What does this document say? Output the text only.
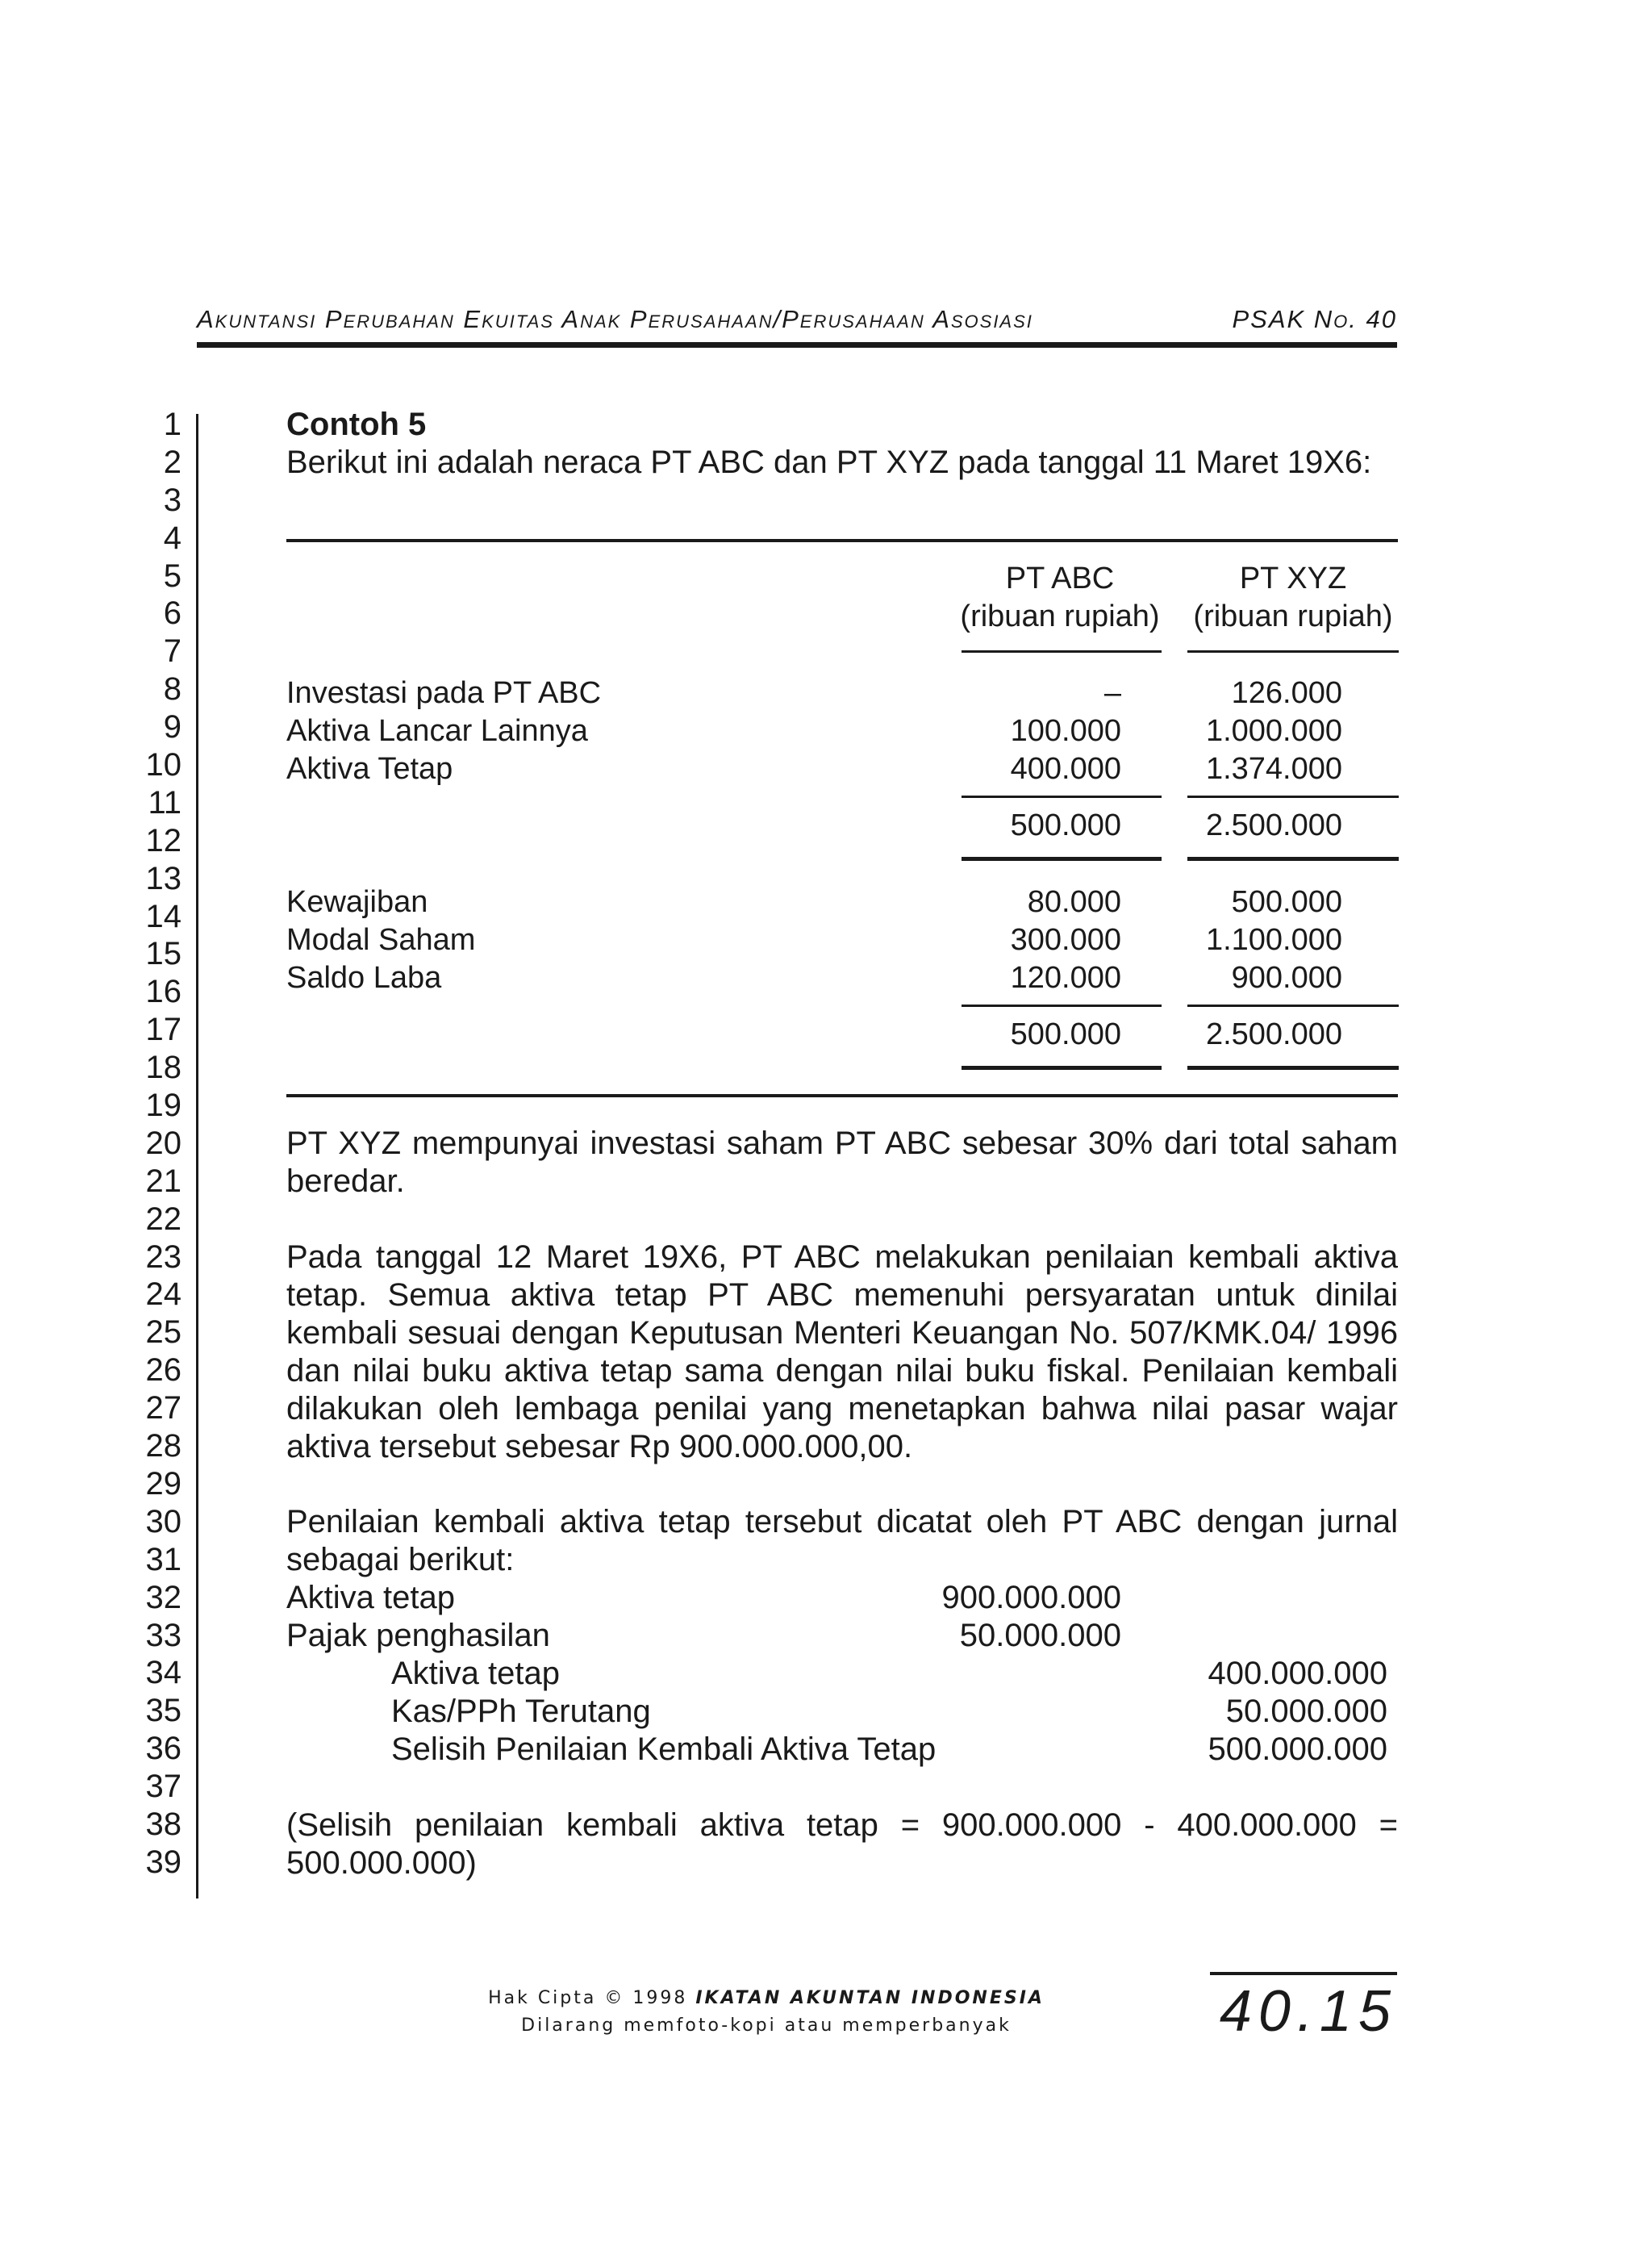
Akuntansi Perubahan Ekuitas Anak Perusahaan/Perusahaan Asosiasi	PSAK No. 40
1
2
3
4
5
6
7
8
9
10
11
12
13
14
15
16
17
18
19
20
21
22
23
24
25
26
27
28
29
30
31
32
33
34
35
36
37
38
39
Contoh 5

Berikut ini adalah neraca PT ABC dan PT XYZ pada tanggal 11 Maret 19X6:

PT ABC	PT XYZ
(ribuan rupiah) (ribuan rupiah)
Investasi pada PT ABC	–	126.000
Aktiva Lancar Lainnya	100.000	1.000.000
Aktiva Tetap	400.000	1.374.000
500.000	2.500.000
Kewajiban	80.000	500.000
Modal Saham	300.000	1.100.000
Saldo Laba	120.000	900.000
500.000	2.500.000

PT XYZ mempunyai investasi saham PT ABC sebesar 30% dari total saham beredar.

Pada tanggal 12 Maret 19X6, PT ABC melakukan penilaian kembali aktiva tetap. Semua aktiva tetap PT ABC memenuhi persyaratan untuk dinilai kembali sesuai dengan Keputusan Menteri Keuangan No. 507/KMK.04/ 1996 dan nilai buku aktiva tetap sama dengan nilai buku fiskal. Penilaian kembali dilakukan oleh lembaga penilai yang menetapkan bahwa nilai pasar wajar aktiva tersebut sebesar Rp 900.000.000,00.

Penilaian kembali aktiva tetap tersebut dicatat oleh PT ABC dengan jurnal sebagai berikut:

Aktiva tetap	900.000.000
Pajak penghasilan	50.000.000
Aktiva tetap	400.000.000
Kas/PPh Terutang	50.000.000
Selisih Penilaian Kembali Aktiva Tetap	500.000.000

(Selisih penilaian kembali aktiva tetap = 900.000.000 - 400.000.000 = 500.000.000)

Hak Cipta © 1998 IKATAN AKUNTAN INDONESIA
Dilarang memfoto-kopi atau memperbanyak	40.15
